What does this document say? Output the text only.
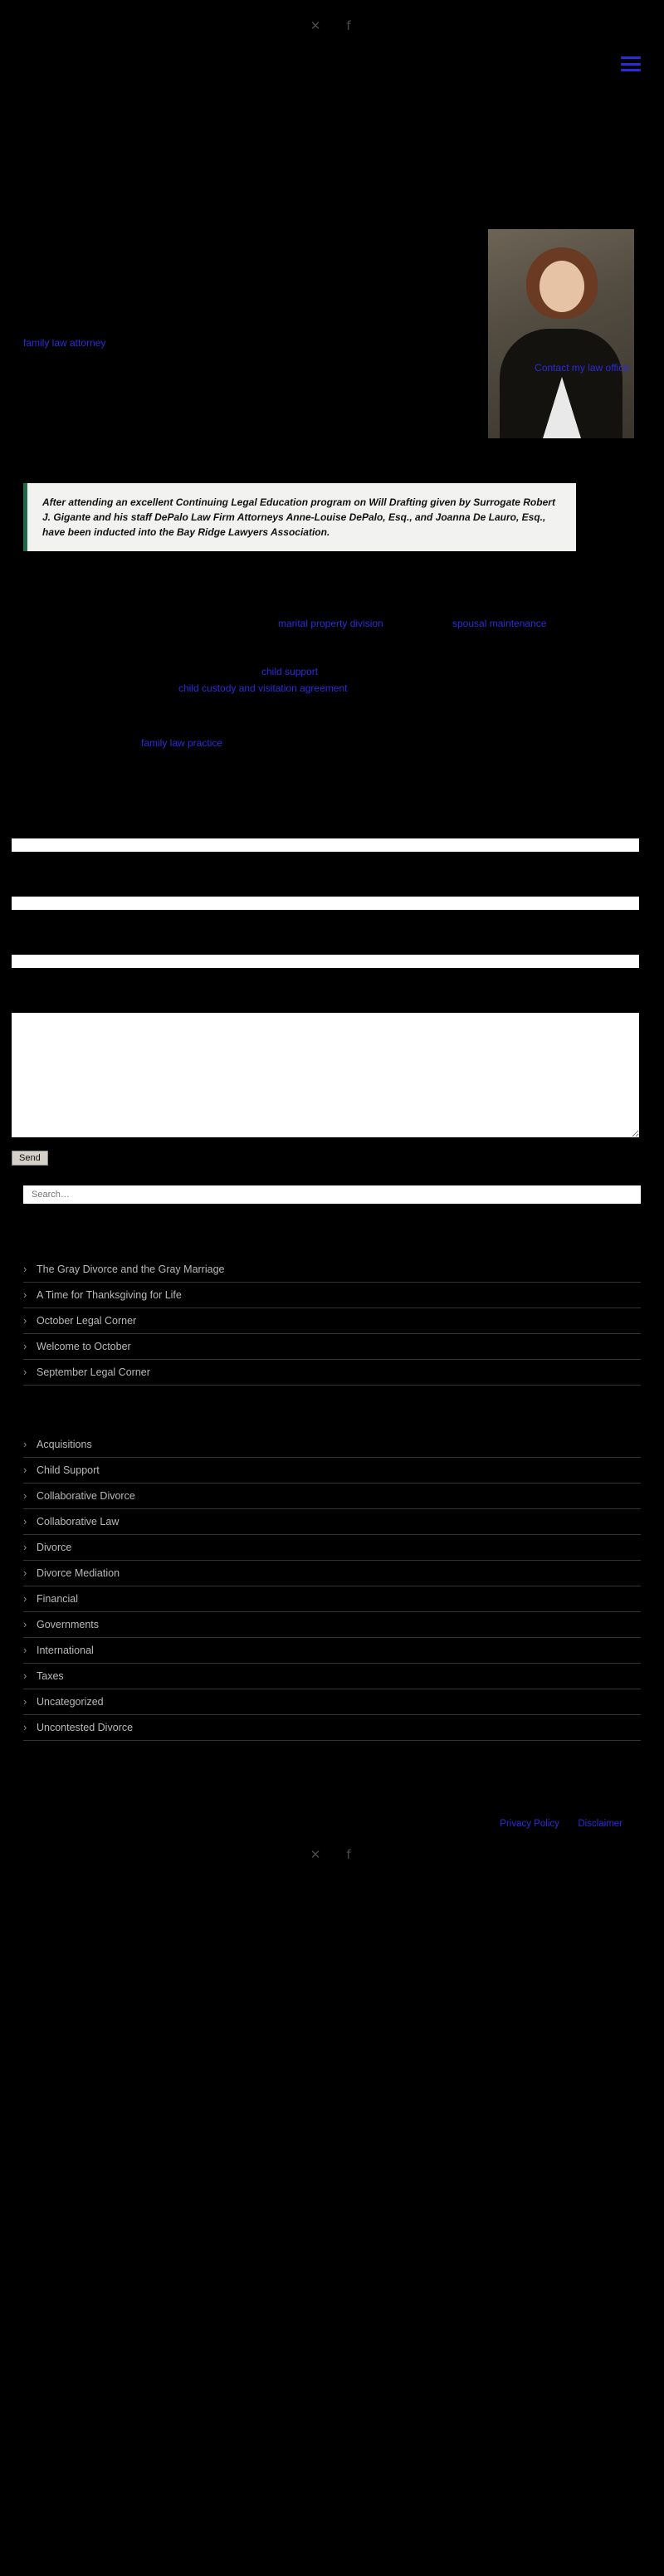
✕	f
family law attorney
Contact my law office
After attending an excellent Continuing Legal Education program on Will Drafting given by Surrogate Robert J. Gigante and his staff DePalo Law Firm Attorneys Anne-Louise DePalo, Esq., and Joanna De Lauro, Esq., have been inducted into the Bay Ridge Lawyers Association.
marital property division	spousal maintenance
child support
child custody and visitation agreement
family law practice
Send
Search…
› The Gray Divorce and the Gray Marriage
› A Time for Thanksgiving for Life
› October Legal Corner
› Welcome to October
› September Legal Corner
› Acquisitions
› Child Support
› Collaborative Divorce
› Collaborative Law
› Divorce
› Divorce Mediation
› Financial
› Governments
› International
› Taxes
› Uncategorized
› Uncontested Divorce
Privacy Policy Disclaimer
✕	f
